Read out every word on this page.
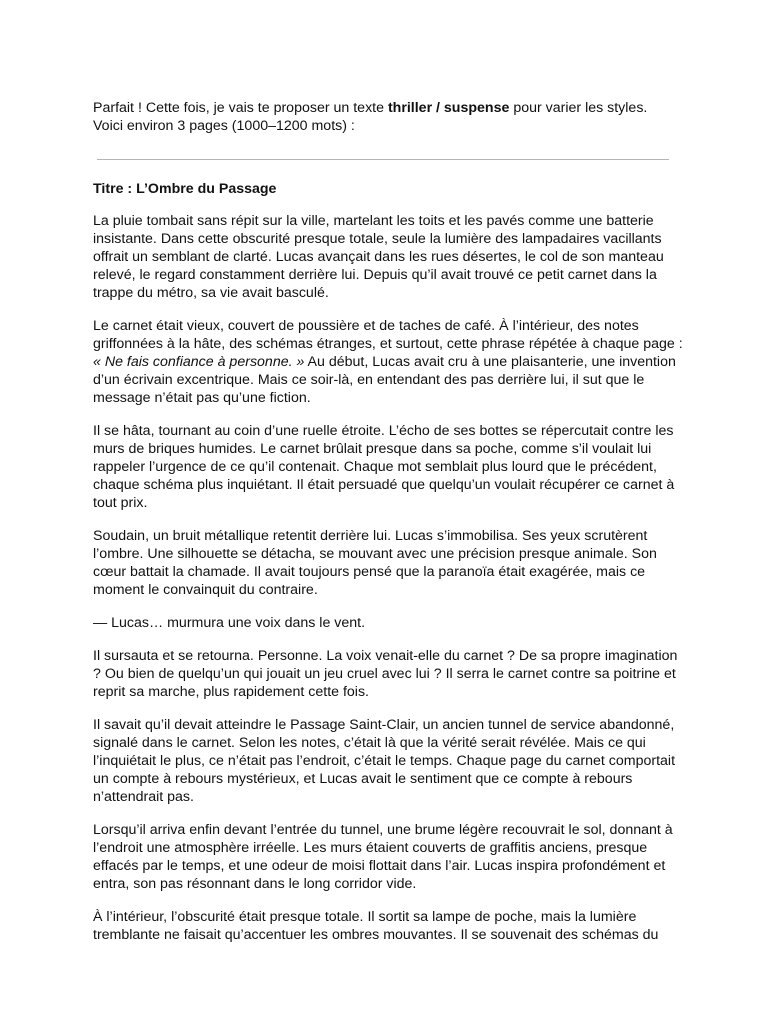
Parfait ! Cette fois, je vais te proposer un texte thriller / suspense pour varier les styles.
Voici environ 3 pages (1000–1200 mots) :

Titre : L’Ombre du Passage

La pluie tombait sans répit sur la ville, martelant les toits et les pavés comme une batterie insistante. Dans cette obscurité presque totale, seule la lumière des lampadaires vacillants offrait un semblant de clarté. Lucas avançait dans les rues désertes, le col de son manteau relevé, le regard constamment derrière lui. Depuis qu’il avait trouvé ce petit carnet dans la trappe du métro, sa vie avait basculé.

Le carnet était vieux, couvert de poussière et de taches de café. À l’intérieur, des notes griffonnées à la hâte, des schémas étranges, et surtout, cette phrase répétée à chaque page : « Ne fais confiance à personne. » Au début, Lucas avait cru à une plaisanterie, une invention d’un écrivain excentrique. Mais ce soir-là, en entendant des pas derrière lui, il sut que le message n’était pas qu’une fiction.

Il se hâta, tournant au coin d’une ruelle étroite. L’écho de ses bottes se répercutait contre les murs de briques humides. Le carnet brûlait presque dans sa poche, comme s’il voulait lui rappeler l’urgence de ce qu’il contenait. Chaque mot semblait plus lourd que le précédent, chaque schéma plus inquiétant. Il était persuadé que quelqu’un voulait récupérer ce carnet à tout prix.

Soudain, un bruit métallique retentit derrière lui. Lucas s’immobilisa. Ses yeux scrutèrent l’ombre. Une silhouette se détacha, se mouvant avec une précision presque animale. Son cœur battait la chamade. Il avait toujours pensé que la paranoïa était exagérée, mais ce moment le convainquit du contraire.

— Lucas… murmura une voix dans le vent.

Il sursauta et se retourna. Personne. La voix venait-elle du carnet ? De sa propre imagination ? Ou bien de quelqu’un qui jouait un jeu cruel avec lui ? Il serra le carnet contre sa poitrine et reprit sa marche, plus rapidement cette fois.

Il savait qu’il devait atteindre le Passage Saint-Clair, un ancien tunnel de service abandonné, signalé dans le carnet. Selon les notes, c’était là que la vérité serait révélée. Mais ce qui l’inquiétait le plus, ce n’était pas l’endroit, c’était le temps. Chaque page du carnet comportait un compte à rebours mystérieux, et Lucas avait le sentiment que ce compte à rebours n’attendrait pas.

Lorsqu’il arriva enfin devant l’entrée du tunnel, une brume légère recouvrait le sol, donnant à l’endroit une atmosphère irréelle. Les murs étaient couverts de graffitis anciens, presque effacés par le temps, et une odeur de moisi flottait dans l’air. Lucas inspira profondément et entra, son pas résonnant dans le long corridor vide.

À l’intérieur, l’obscurité était presque totale. Il sortit sa lampe de poche, mais la lumière tremblante ne faisait qu’accentuer les ombres mouvantes. Il se souvenait des schémas du
